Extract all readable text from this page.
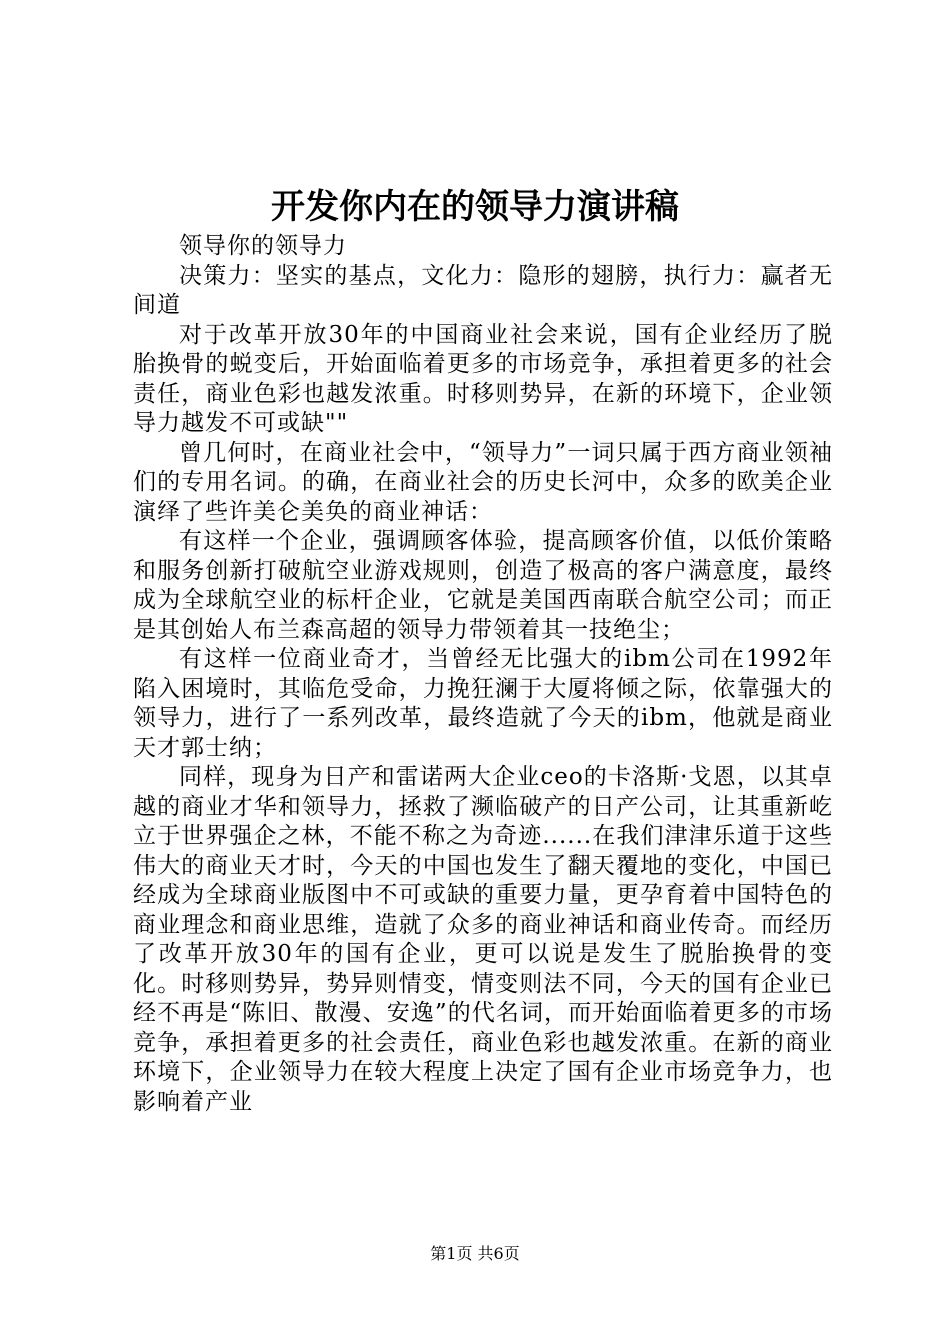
开发你内在的领导力演讲稿

领导你的领导力

决策力：坚实的基点，文化力：隐形的翅膀，执行力：赢者无间道

对于改革开放30年的中国商业社会来说，国有企业经历了脱胎换骨的蜕变后，开始面临着更多的市场竞争，承担着更多的社会责任，商业色彩也越发浓重。时移则势异，在新的环境下，企业领导力越发不可或缺""

曾几何时，在商业社会中，“领导力”一词只属于西方商业领袖们的专用名词。的确，在商业社会的历史长河中，众多的欧美企业演绎了些许美仑美奂的商业神话：

有这样一个企业，强调顾客体验，提高顾客价值，以低价策略和服务创新打破航空业游戏规则，创造了极高的客户满意度，最终成为全球航空业的标杆企业，它就是美国西南联合航空公司；而正是其创始人布兰森高超的领导力带领着其一技绝尘；

有这样一位商业奇才，当曾经无比强大的ibm公司在1992年陷入困境时，其临危受命，力挽狂澜于大厦将倾之际，依靠强大的领导力，进行了一系列改革，最终造就了今天的ibm，他就是商业天才郭士纳；

同样，现身为日产和雷诺两大企业ceo的卡洛斯·戈恩，以其卓越的商业才华和领导力，拯救了濒临破产的日产公司，让其重新屹立于世界强企之林，不能不称之为奇迹......在我们津津乐道于这些伟大的商业天才时，今天的中国也发生了翻天覆地的变化，中国已经成为全球商业版图中不可或缺的重要力量，更孕育着中国特色的商业理念和商业思维，造就了众多的商业神话和商业传奇。而经历了改革开放30年的国有企业，更可以说是发生了脱胎换骨的变化。时移则势异，势异则情变，情变则法不同，今天的国有企业已经不再是“陈旧、散漫、安逸”的代名词，而开始面临着更多的市场竞争，承担着更多的社会责任，商业色彩也越发浓重。在新的商业环境下，企业领导力在较大程度上决定了国有企业市场竞争力，也影响着产业

第1页 共6页
